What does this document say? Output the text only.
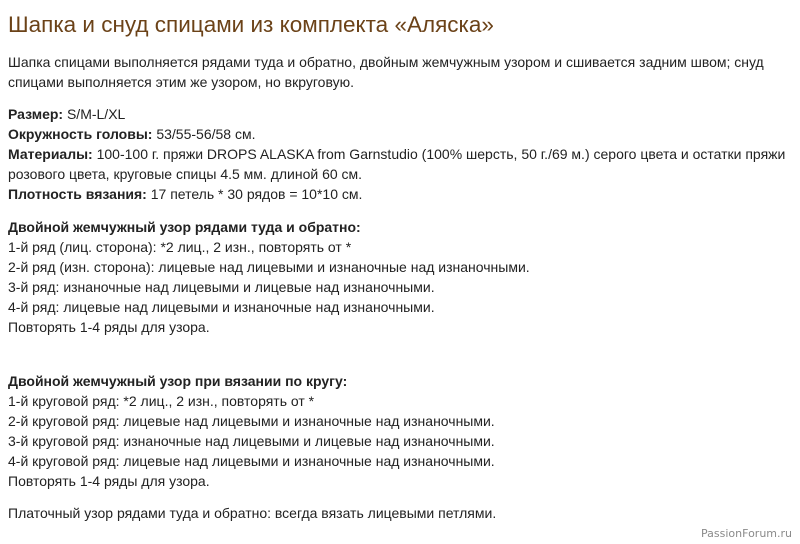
Шапка и снуд спицами из комплекта «Аляска»

Шапка спицами выполняется рядами туда и обратно, двойным жемчужным узором и сшивается задним швом; снуд спицами выполняется этим же узором, но вкруговую.

Размер: S/M-L/XL
Окружность головы: 53/55-56/58 см.
Материалы: 100-100 г. пряжи DROPS ALASKA from Garnstudio (100% шерсть, 50 г./69 м.) серого цвета и остатки пряжи розового цвета, круговые спицы 4.5 мм. длиной 60 см.
Плотность вязания: 17 петель * 30 рядов = 10*10 см.
Двойной жемчужный узор рядами туда и обратно:
1-й ряд (лиц. сторона): *2 лиц., 2 изн., повторять от *
2-й ряд (изн. сторона): лицевые над лицевыми и изнаночные над изнаночными.
3-й ряд: изнаночные над лицевыми и лицевые над изнаночными.
4-й ряд: лицевые над лицевыми и изнаночные над изнаночными.
Повторять 1-4 ряды для узора.
Двойной жемчужный узор при вязании по кругу:
1-й круговой ряд: *2 лиц., 2 изн., повторять от *
2-й круговой ряд: лицевые над лицевыми и изнаночные над изнаночными.
3-й круговой ряд: изнаночные над лицевыми и лицевые над изнаночными.
4-й круговой ряд: лицевые над лицевыми и изнаночные над изнаночными.
Повторять 1-4 ряды для узора.
Платочный узор рядами туда и обратно: всегда вязать лицевыми петлями.
PassionForum.ru
